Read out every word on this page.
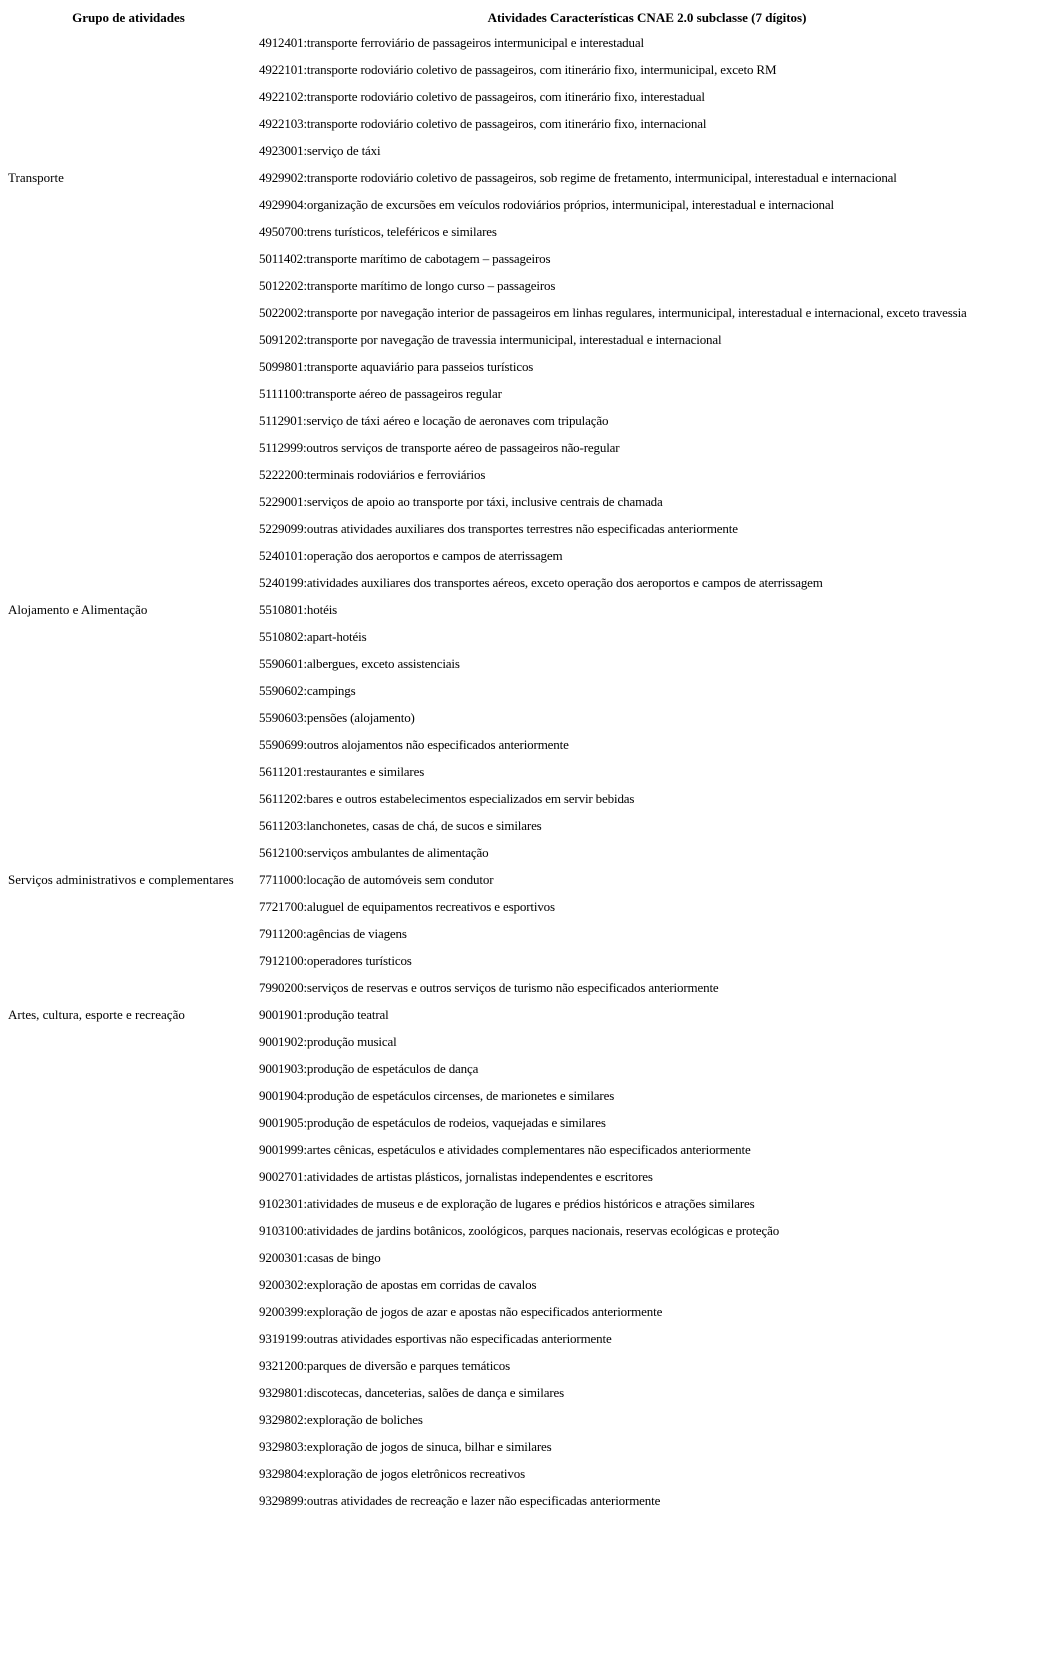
Grupo de atividades	Atividades Características CNAE 2.0 subclasse (7 dígitos)
4912401:transporte ferroviário de passageiros intermunicipal e interestadual
4922101:transporte rodoviário coletivo de passageiros, com itinerário fixo, intermunicipal, exceto RM
4922102:transporte rodoviário coletivo de passageiros, com itinerário fixo, interestadual
4922103:transporte rodoviário coletivo de passageiros, com itinerário fixo, internacional
4923001:serviço de táxi
Transporte	4929902:transporte rodoviário coletivo de passageiros, sob regime de fretamento, intermunicipal, interestadual e internacional
4929904:organização de excursões em veículos rodoviários próprios, intermunicipal, interestadual e internacional
4950700:trens turísticos, teleféricos e similares
5011402:transporte marítimo de cabotagem – passageiros
5012202:transporte marítimo de longo curso – passageiros
5022002:transporte por navegação interior de passageiros em linhas regulares, intermunicipal, interestadual e internacional, exceto travessia
5091202:transporte por navegação de travessia intermunicipal, interestadual e internacional
5099801:transporte aquaviário para passeios turísticos
5111100:transporte aéreo de passageiros regular
5112901:serviço de táxi aéreo e locação de aeronaves com tripulação
5112999:outros serviços de transporte aéreo de passageiros não-regular
5222200:terminais rodoviários e ferroviários
5229001:serviços de apoio ao transporte por táxi, inclusive centrais de chamada
5229099:outras atividades auxiliares dos transportes terrestres não especificadas anteriormente
5240101:operação dos aeroportos e campos de aterrissagem
5240199:atividades auxiliares dos transportes aéreos, exceto operação dos aeroportos e campos de aterrissagem
Alojamento e Alimentação	5510801:hotéis
5510802:apart-hotéis
5590601:albergues, exceto assistenciais
5590602:campings
5590603:pensões (alojamento)
5590699:outros alojamentos não especificados anteriormente
5611201:restaurantes e similares
5611202:bares e outros estabelecimentos especializados em servir bebidas
5611203:lanchonetes, casas de chá, de sucos e similares
5612100:serviços ambulantes de alimentação
Serviços administrativos e complementares	7711000:locação de automóveis sem condutor
7721700:aluguel de equipamentos recreativos e esportivos
7911200:agências de viagens
7912100:operadores turísticos
7990200:serviços de reservas e outros serviços de turismo não especificados anteriormente
Artes, cultura, esporte e recreação	9001901:produção teatral
9001902:produção musical
9001903:produção de espetáculos de dança
9001904:produção de espetáculos circenses, de marionetes e similares
9001905:produção de espetáculos de rodeios, vaquejadas e similares
9001999:artes cênicas, espetáculos e atividades complementares não especificados anteriormente
9002701:atividades de artistas plásticos, jornalistas independentes e escritores
9102301:atividades de museus e de exploração de lugares e prédios históricos e atrações similares
9103100:atividades de jardins botânicos, zoológicos, parques nacionais, reservas ecológicas e proteção
9200301:casas de bingo
9200302:exploração de apostas em corridas de cavalos
9200399:exploração de jogos de azar e apostas não especificados anteriormente
9319199:outras atividades esportivas não especificadas anteriormente
9321200:parques de diversão e parques temáticos
9329801:discotecas, danceterias, salões de dança e similares
9329802:exploração de boliches
9329803:exploração de jogos de sinuca, bilhar e similares
9329804:exploração de jogos eletrônicos recreativos
9329899:outras atividades de recreação e lazer não especificadas anteriormente
